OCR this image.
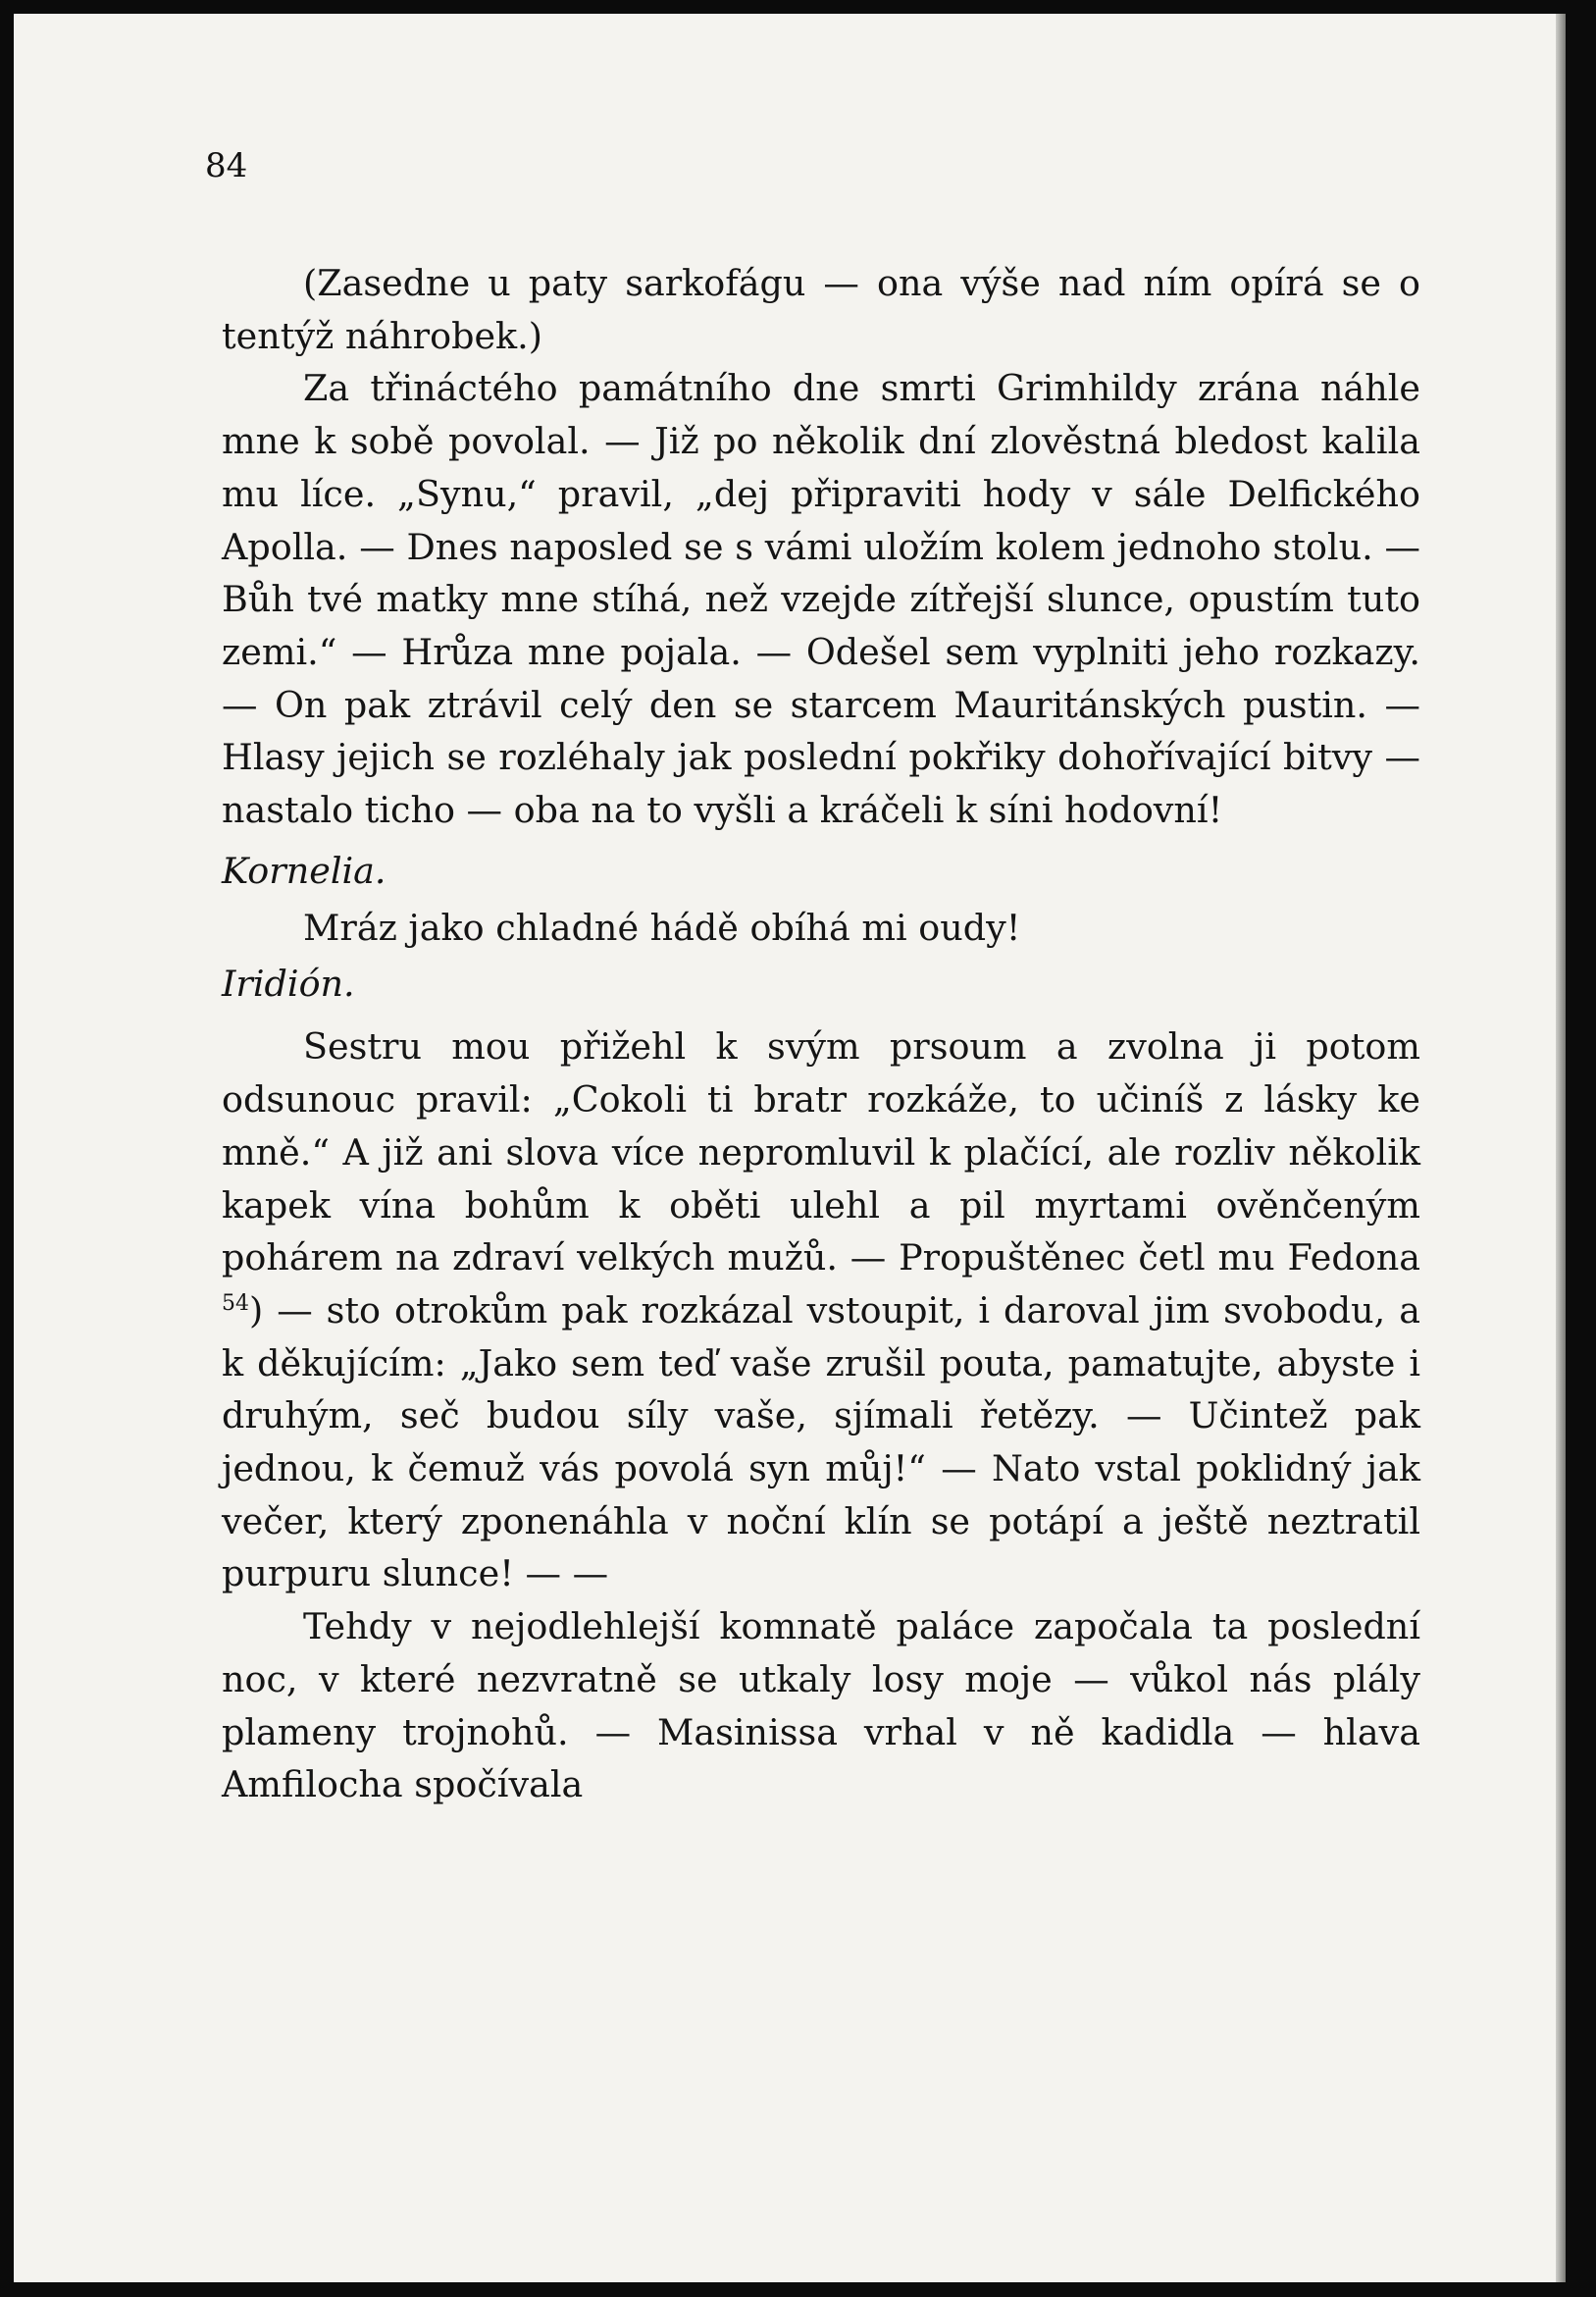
84

(Zasedne u paty sarkofágu — ona výše nad ním opírá se o tentýž náhrobek.)

Za třináctého památního dne smrti Grimhildy zrána náhle mne k sobě povolal. — Již po několik dní zlověstná bledost kalila mu líce. „Synu,“ pravil, „dej připraviti hody v sále Delfického Apolla. — Dnes naposled se s vámi uložím kolem jednoho stolu. — Bůh tvé matky mne stíhá, než vzejde zítřejší slunce, opustím tuto zemi.“ — Hrůza mne pojala. — Odešel sem vyplniti jeho rozkazy. — On pak ztrávil celý den se starcem Mauritánských pustin. — Hlasy jejich se rozléhaly jak poslední pokřiky dohořívající bitvy — nastalo ticho — oba na to vyšli a kráčeli k síni hodovní!

Kornelia.

Mráz jako chladné hádě obíhá mi oudy!

Iridión.

Sestru mou přižehl k svým prsoum a zvolna ji potom odsunouc pravil: „Cokoli ti bratr rozkáže, to učiníš z lásky ke mně.“ A již ani slova více nepromluvil k plačící, ale rozliv několik kapek vína bohům k oběti ulehl a pil myrtami ověnčeným pohárem na zdraví velkých mužů. — Propuštěnec četl mu Fedona $^{54}$) — sto otrokům pak rozkázal vstoupit, i daroval jim svobodu, a k děkujícím: „Jako sem teď vaše zrušil pouta, pamatujte, abyste i druhým, seč budou síly vaše, sjímali řetězy. — Učintež pak jednou, k čemuž vás povolá syn můj!“ — Nato vstal poklidný jak večer, který zponenáhla v noční klín se potápí a ještě neztratil purpuru slunce! — —

Tehdy v nejodlehlejší komnatě paláce započala ta poslední noc, v které nezvratně se utkaly losy moje — vůkol nás plály plameny trojnohů. — Masinissa vrhal v ně kadidla — hlava Amfilocha spočívala
